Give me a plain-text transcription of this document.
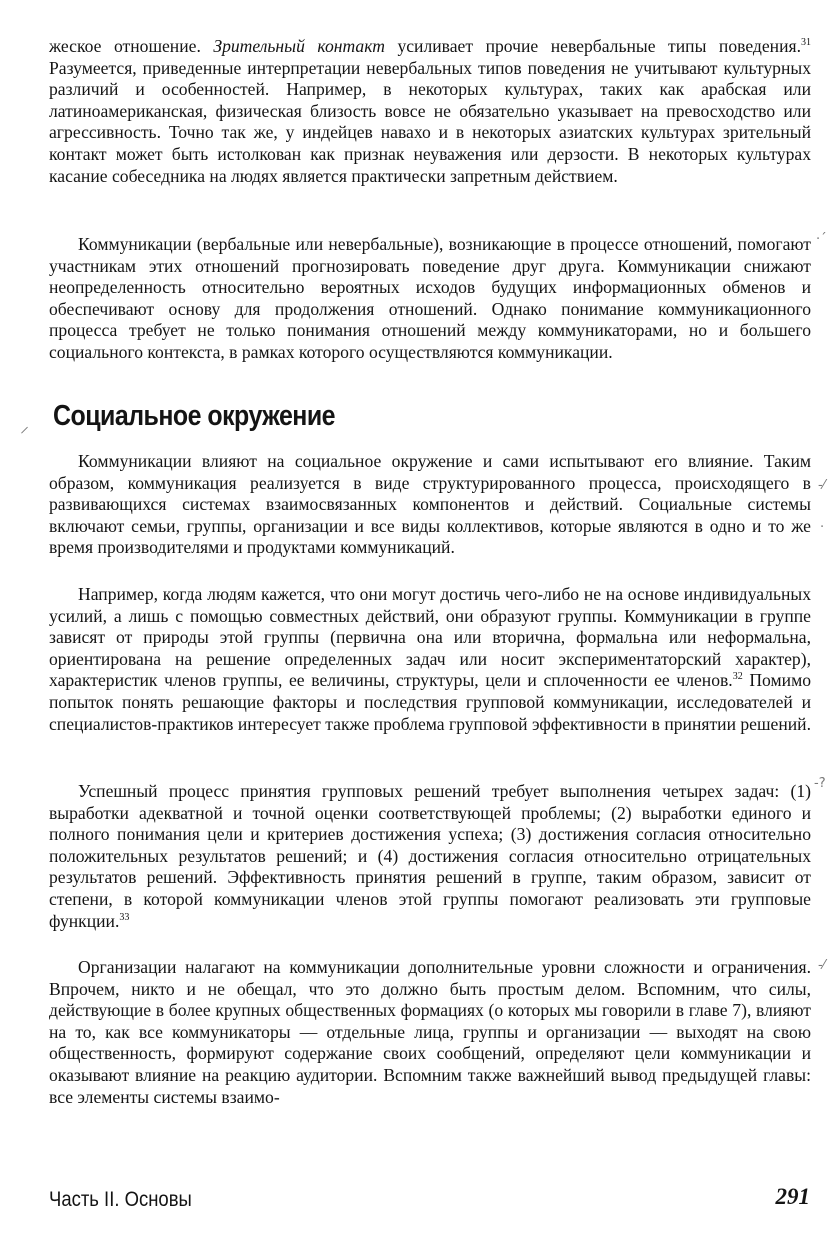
жеское отношение. Зрительный контакт усиливает прочие невербальные типы поведения.$^{31}$ Разумеется, приведенные интерпретации невербальных типов поведения не учитывают культурных различий и особенностей. Например, в некоторых культурах, таких как арабская или латиноамериканская, физическая близость вовсе не обязательно указывает на превосходство или агрессивность. Точно так же, у индейцев навахо и в некоторых азиатских культурах зрительный контакт может быть истолкован как признак неуважения или дерзости. В некоторых культурах касание собеседника на людях является практически запретным действием.

Коммуникации (вербальные или невербальные), возникающие в процессе отношений, помогают участникам этих отношений прогнозировать поведение друг друга. Коммуникации снижают неопределенность относительно вероятных исходов будущих информационных обменов и обеспечивают основу для продолжения отношений. Однако понимание коммуникационного процесса требует не только понимания отношений между коммуникаторами, но и большего социального контекста, в рамках которого осуществляются коммуникации.

·´
⸝ Социальное окружение

Коммуникации влияют на социальное окружение и сами испытывают его влияние. Таким образом, коммуникация реализуется в виде структурированного процесса, происходящего в развивающихся системах взаимосвязанных компонентов и действий. Социальные системы включают семьи, группы, организации и все виды коллективов, которые являются в одно и то же время производителями и продуктами коммуникаций.

-⁄
·

Например, когда людям кажется, что они могут достичь чего-либо не на основе индивидуальных усилий, а лишь с помощью совместных действий, они образуют группы. Коммуникации в группе зависят от природы этой группы (первична она или вторична, формальна или неформальна, ориентирована на решение определенных задач или носит экспериментаторский характер), характеристик членов группы, ее величины, структуры, цели и сплоченности ее членов.$^{32}$ Помимо попыток понять решающие факторы и последствия групповой коммуникации, исследователей и специалистов-практиков интересует также проблема групповой эффективности в принятии решений.

-?

Успешный процесс принятия групповых решений требует выполнения четырех задач: (1) выработки адекватной и точной оценки соответствующей проблемы; (2) выработки единого и полного понимания цели и критериев достижения успеха; (3) достижения согласия относительно положительных результатов решений; и (4) достижения согласия относительно отрицательных результатов решений. Эффективность принятия решений в группе, таким образом, зависит от степени, в которой коммуникации членов этой группы помогают реализовать эти групповые функции.$^{33}$

-⁄

Организации налагают на коммуникации дополнительные уровни сложности и ограничения. Впрочем, никто и не обещал, что это должно быть простым делом. Вспомним, что силы, действующие в более крупных общественных формациях (о которых мы говорили в главе 7), влияют на то, как все коммуникаторы — отдельные лица, группы и организации — выходят на свою общественность, формируют содержание своих сообщений, определяют цели коммуникации и оказывают влияние на реакцию аудитории. Вспомним также важнейший вывод предыдущей главы: все элементы системы взаимо-

Часть II. Основы	291
